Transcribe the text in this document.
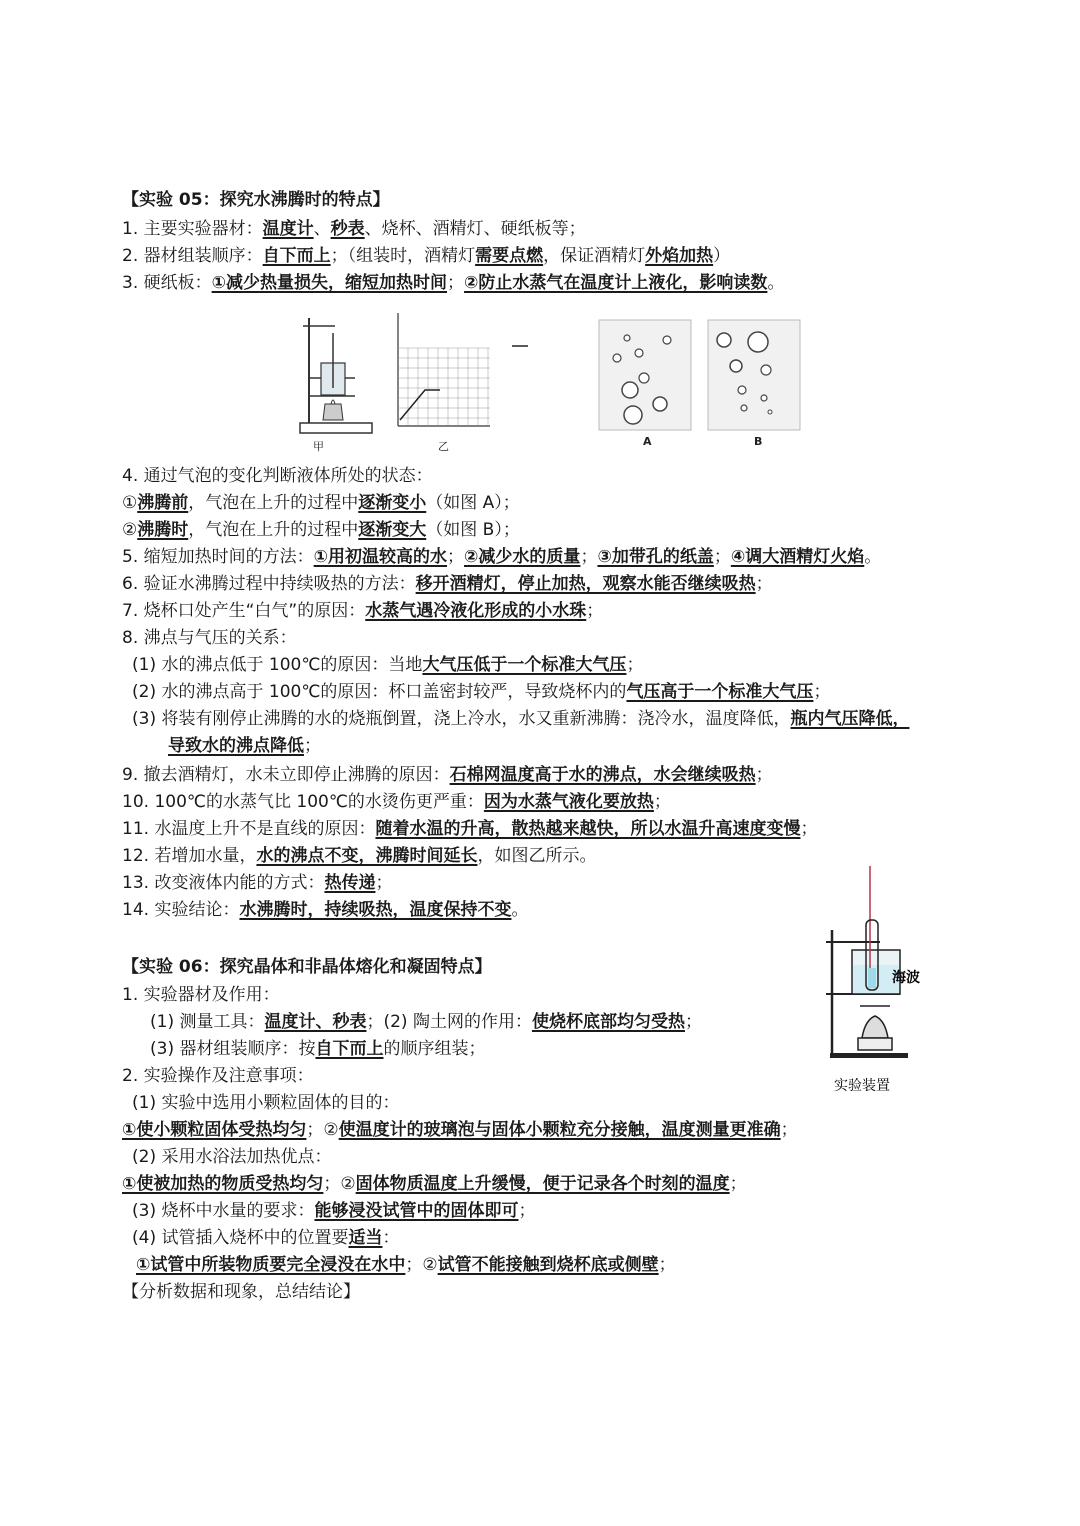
【实验 05：探究水沸腾时的特点】
1. 主要实验器材：温度计、秒表、烧杯、酒精灯、硬纸板等；
2. 器材组装顺序：自下而上；（组装时，酒精灯需要点燃，保证酒精灯外焰加热）
3. 硬纸板：①减少热量损失，缩短加热时间；②防止水蒸气在温度计上液化，影响读数。
甲	乙	A	B
4. 通过气泡的变化判断液体所处的状态：
①沸腾前，气泡在上升的过程中逐渐变小（如图 A）；
②沸腾时，气泡在上升的过程中逐渐变大（如图 B）；
5. 缩短加热时间的方法：①用初温较高的水；②减少水的质量；③加带孔的纸盖；④调大酒精灯火焰。
6. 验证水沸腾过程中持续吸热的方法：移开酒精灯，停止加热，观察水能否继续吸热；
7. 烧杯口处产生“白气”的原因：水蒸气遇冷液化形成的小水珠；
8. 沸点与气压的关系：
(1) 水的沸点低于 100℃的原因：当地大气压低于一个标准大气压；
(2) 水的沸点高于 100℃的原因：杯口盖密封较严，导致烧杯内的气压高于一个标准大气压；
(3) 将装有刚停止沸腾的水的烧瓶倒置，浇上冷水，水又重新沸腾：浇冷水，温度降低，瓶内气压降低，
导致水的沸点降低；
9. 撤去酒精灯，水未立即停止沸腾的原因：石棉网温度高于水的沸点，水会继续吸热；
10. 100℃的水蒸气比 100℃的水烫伤更严重：因为水蒸气液化要放热；
11. 水温度上升不是直线的原因：随着水温的升高，散热越来越快，所以水温升高速度变慢；
12. 若增加水量，水的沸点不变，沸腾时间延长，如图乙所示。
13. 改变液体内能的方式：热传递；
14. 实验结论：水沸腾时，持续吸热，温度保持不变。
海波
实验装置
【实验 06：探究晶体和非晶体熔化和凝固特点】
1. 实验器材及作用：
(1) 测量工具：温度计、秒表；(2) 陶土网的作用：使烧杯底部均匀受热；
(3) 器材组装顺序：按自下而上的顺序组装；
2. 实验操作及注意事项：
(1) 实验中选用小颗粒固体的目的：
①使小颗粒固体受热均匀；②使温度计的玻璃泡与固体小颗粒充分接触，温度测量更准确；
(2) 采用水浴法加热优点：
①使被加热的物质受热均匀；②固体物质温度上升缓慢，便于记录各个时刻的温度；
(3) 烧杯中水量的要求：能够浸没试管中的固体即可；
(4) 试管插入烧杯中的位置要适当：
①试管中所装物质要完全浸没在水中；②试管不能接触到烧杯底或侧壁；
【分析数据和现象，总结结论】
